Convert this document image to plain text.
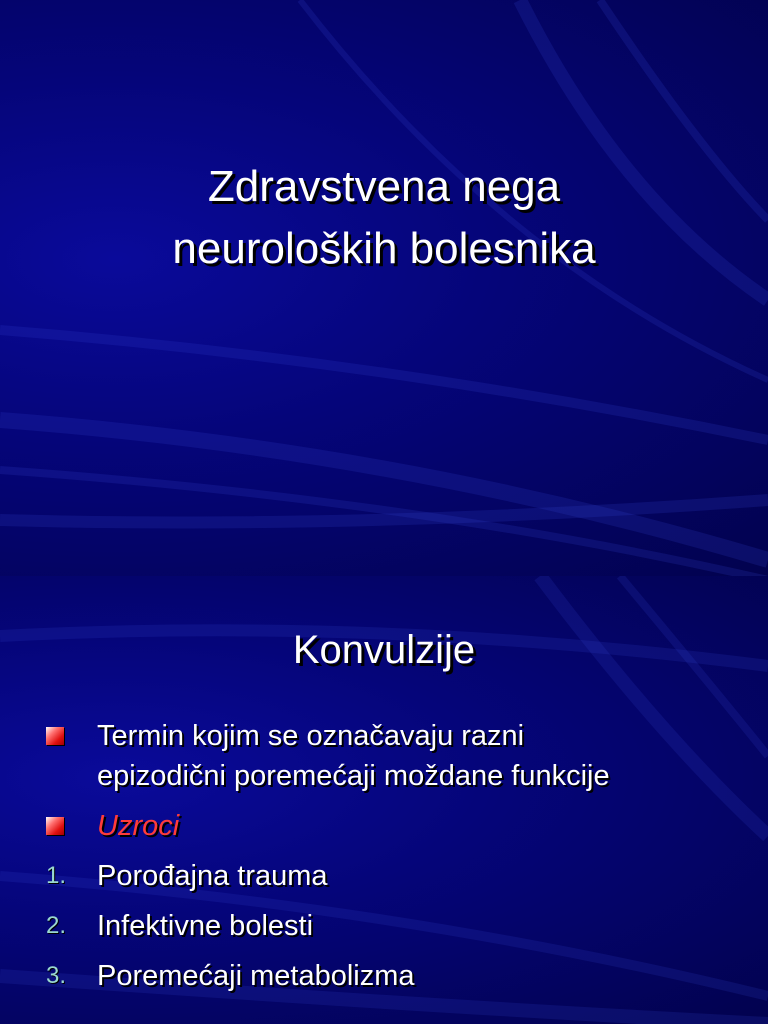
Zdravstvena nega
neuroloških bolesnika
Konvulzije
Termin kojim se označavaju razni
epizodični poremećaji moždane funkcije
Uzroci
1. Porođajna trauma
2. Infektivne bolesti
3. Poremećaji metabolizma
